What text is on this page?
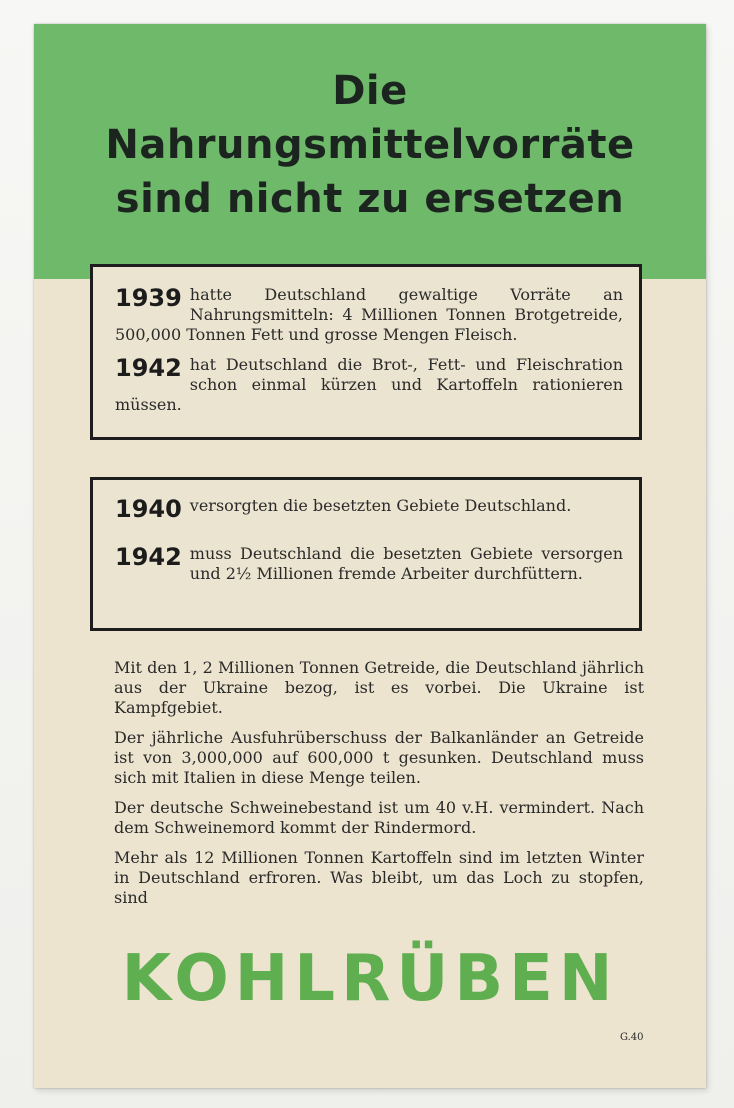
Die
Nahrungsmittelvorräte
sind nicht zu ersetzen
1939 hatte Deutschland gewaltige Vorräte an Nahrungsmitteln: 4 Millionen Tonnen Brotgetreide, 500,000 Tonnen Fett und grosse Mengen Fleisch.
1942 hat Deutschland die Brot-, Fett- und Fleischration schon einmal kürzen und Kartoffeln rationieren müssen.
1940 versorgten die besetzten Gebiete Deutschland.
1942 muss Deutschland die besetzten Gebiete versorgen und 2½ Millionen fremde Arbeiter durchfüttern.
Mit den 1, 2 Millionen Tonnen Getreide, die Deutschland jährlich aus der Ukraine bezog, ist es vorbei. Die Ukraine ist Kampfgebiet.
Der jährliche Ausfuhrüberschuss der Balkanländer an Getreide ist von 3,000,000 auf 600,000 t gesunken. Deutschland muss sich mit Italien in diese Menge teilen.
Der deutsche Schweinebestand ist um 40 v.H. vermindert. Nach dem Schweinemord kommt der Rindermord.
Mehr als 12 Millionen Tonnen Kartoffeln sind im letzten Winter in Deutschland erfroren. Was bleibt, um das Loch zu stopfen, sind
KOHLRÜBEN
G.40
